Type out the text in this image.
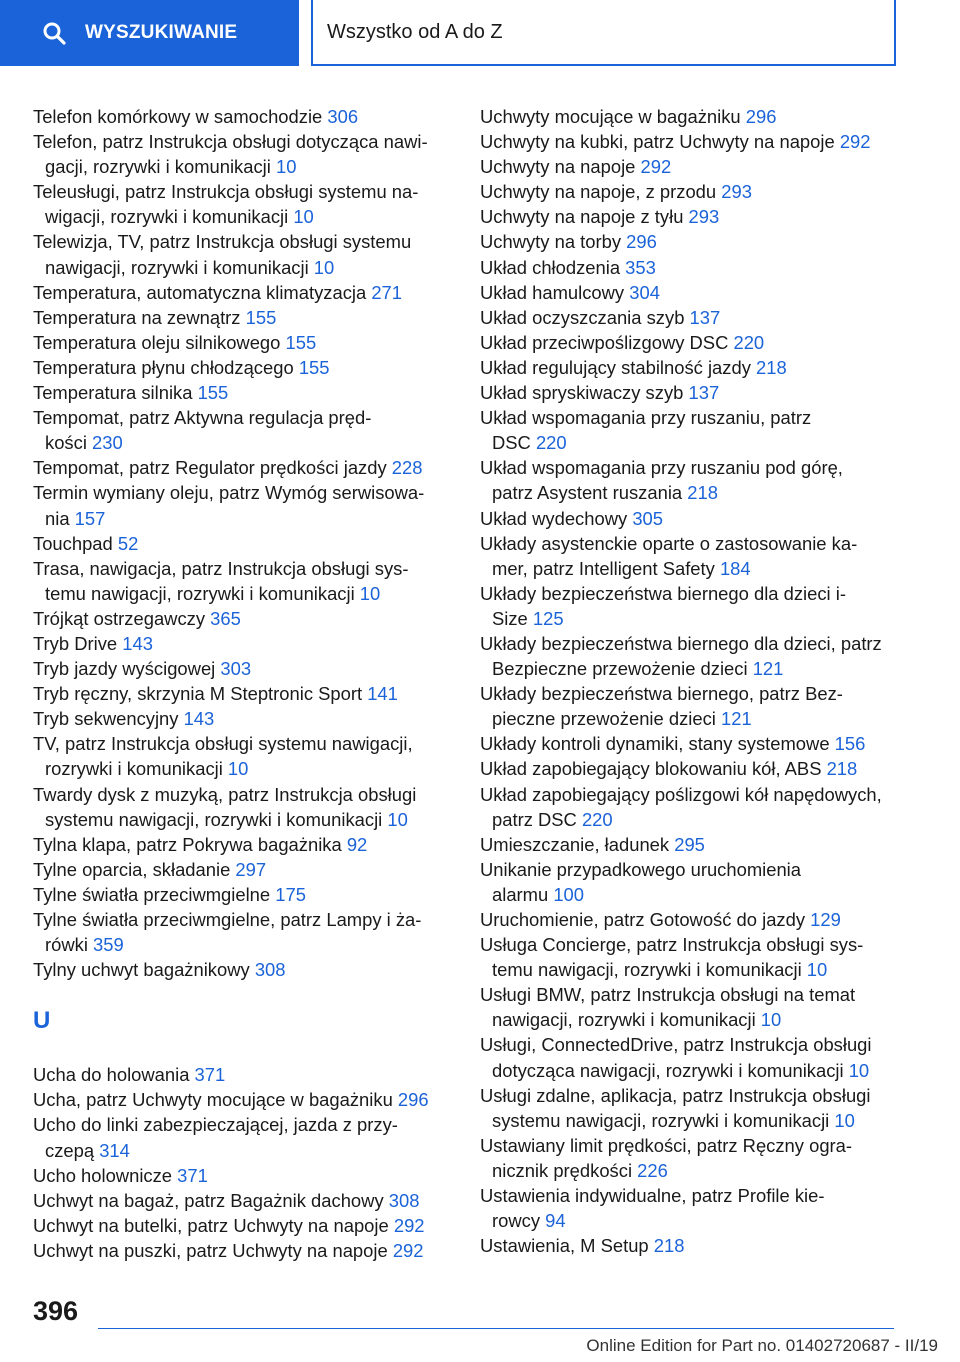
WYSZUKIWANIE	Wszystko od A do Z
Telefon komórkowy w samochodzie 306
Telefon, patrz Instrukcja obsługi dotycząca nawi-
gacji, rozrywki i komunikacji 10
Teleusługi, patrz Instrukcja obsługi systemu na-
wigacji, rozrywki i komunikacji 10
Telewizja, TV, patrz Instrukcja obsługi systemu
nawigacji, rozrywki i komunikacji 10
Temperatura, automatyczna klimatyzacja 271
Temperatura na zewnątrz 155
Temperatura oleju silnikowego 155
Temperatura płynu chłodzącego 155
Temperatura silnika 155
Tempomat, patrz Aktywna regulacja pręd-
kości 230
Tempomat, patrz Regulator prędkości jazdy 228
Termin wymiany oleju, patrz Wymóg serwisowa-
nia 157
Touchpad 52
Trasa, nawigacja, patrz Instrukcja obsługi sys-
temu nawigacji, rozrywki i komunikacji 10
Trójkąt ostrzegawczy 365
Tryb Drive 143
Tryb jazdy wyścigowej 303
Tryb ręczny, skrzynia M Steptronic Sport 141
Tryb sekwencyjny 143
TV, patrz Instrukcja obsługi systemu nawigacji,
rozrywki i komunikacji 10
Twardy dysk z muzyką, patrz Instrukcja obsługi
systemu nawigacji, rozrywki i komunikacji 10
Tylna klapa, patrz Pokrywa bagażnika 92
Tylne oparcia, składanie 297
Tylne światła przeciwmgielne 175
Tylne światła przeciwmgielne, patrz Lampy i ża-
rówki 359
Tylny uchwyt bagażnikowy 308
U
Ucha do holowania 371
Ucha, patrz Uchwyty mocujące w bagażniku 296
Ucho do linki zabezpieczającej, jazda z przy-
czepą 314
Ucho holownicze 371
Uchwyt na bagaż, patrz Bagażnik dachowy 308
Uchwyt na butelki, patrz Uchwyty na napoje 292
Uchwyt na puszki, patrz Uchwyty na napoje 292
Uchwyty mocujące w bagażniku 296
Uchwyty na kubki, patrz Uchwyty na napoje 292
Uchwyty na napoje 292
Uchwyty na napoje, z przodu 293
Uchwyty na napoje z tyłu 293
Uchwyty na torby 296
Układ chłodzenia 353
Układ hamulcowy 304
Układ oczyszczania szyb 137
Układ przeciwpoślizgowy DSC 220
Układ regulujący stabilność jazdy 218
Układ spryskiwaczy szyb 137
Układ wspomagania przy ruszaniu, patrz
DSC 220
Układ wspomagania przy ruszaniu pod górę,
patrz Asystent ruszania 218
Układ wydechowy 305
Układy asystenckie oparte o zastosowanie ka-
mer, patrz Intelligent Safety 184
Układy bezpieczeństwa biernego dla dzieci i-
Size 125
Układy bezpieczeństwa biernego dla dzieci, patrz
Bezpieczne przewożenie dzieci 121
Układy bezpieczeństwa biernego, patrz Bez-
pieczne przewożenie dzieci 121
Układy kontroli dynamiki, stany systemowe 156
Układ zapobiegający blokowaniu kół, ABS 218
Układ zapobiegający poślizgowi kół napędowych,
patrz DSC 220
Umieszczanie, ładunek 295
Unikanie przypadkowego uruchomienia
alarmu 100
Uruchomienie, patrz Gotowość do jazdy 129
Usługa Concierge, patrz Instrukcja obsługi sys-
temu nawigacji, rozrywki i komunikacji 10
Usługi BMW, patrz Instrukcja obsługi na temat
nawigacji, rozrywki i komunikacji 10
Usługi, ConnectedDrive, patrz Instrukcja obsługi
dotycząca nawigacji, rozrywki i komunikacji 10
Usługi zdalne, aplikacja, patrz Instrukcja obsługi
systemu nawigacji, rozrywki i komunikacji 10
Ustawiany limit prędkości, patrz Ręczny ogra-
nicznik prędkości 226
Ustawienia indywidualne, patrz Profile kie-
rowcy 94
Ustawienia, M Setup 218
396
Online Edition for Part no. 01402720687 - II/19
